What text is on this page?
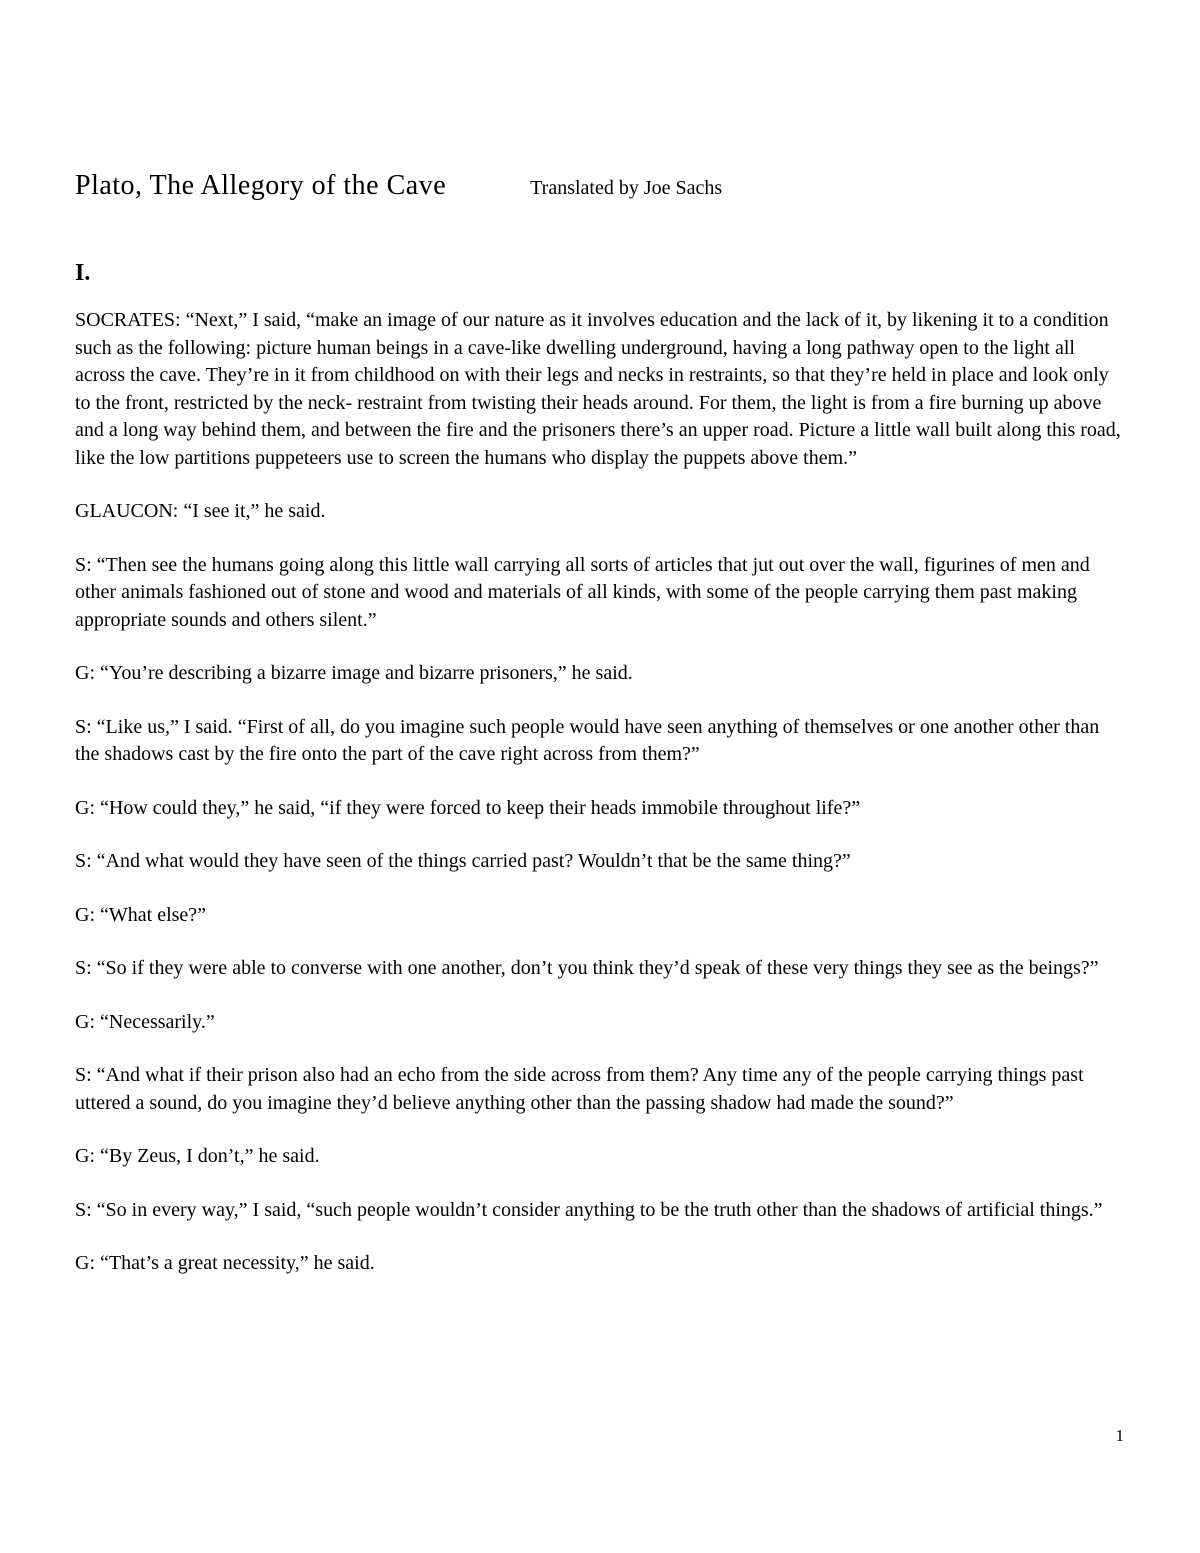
Plato, The Allegory of the Cave	Translated by Joe Sachs
I.

SOCRATES: “Next,” I said, “make an image of our nature as it involves education and the lack of it, by likening it to a condition such as the following: picture human beings in a cave-like dwelling underground, having a long pathway open to the light all across the cave. They’re in it from childhood on with their legs and necks in restraints, so that they’re held in place and look only to the front, restricted by the neck- restraint from twisting their heads around. For them, the light is from a fire burning up above and a long way behind them, and between the fire and the prisoners there’s an upper road. Picture a little wall built along this road, like the low partitions puppeteers use to screen the humans who display the puppets above them.”

GLAUCON: “I see it,” he said.

S: “Then see the humans going along this little wall carrying all sorts of articles that jut out over the wall, figurines of men and other animals fashioned out of stone and wood and materials of all kinds, with some of the people carrying them past making appropriate sounds and others silent.”

G: “You’re describing a bizarre image and bizarre prisoners,” he said.

S: “Like us,” I said. “First of all, do you imagine such people would have seen anything of themselves or one another other than the shadows cast by the fire onto the part of the cave right across from them?”

G: “How could they,” he said, “if they were forced to keep their heads immobile throughout life?”

S: “And what would they have seen of the things carried past? Wouldn’t that be the same thing?”

G: “What else?”

S: “So if they were able to converse with one another, don’t you think they’d speak of these very things they see as the beings?”

G: “Necessarily.”

S: “And what if their prison also had an echo from the side across from them? Any time any of the people carrying things past uttered a sound, do you imagine they’d believe anything other than the passing shadow had made the sound?”

G: “By Zeus, I don’t,” he said.

S: “So in every way,” I said, “such people wouldn’t consider anything to be the truth other than the shadows of artificial things.”

G: “That’s a great necessity,” he said.

1
